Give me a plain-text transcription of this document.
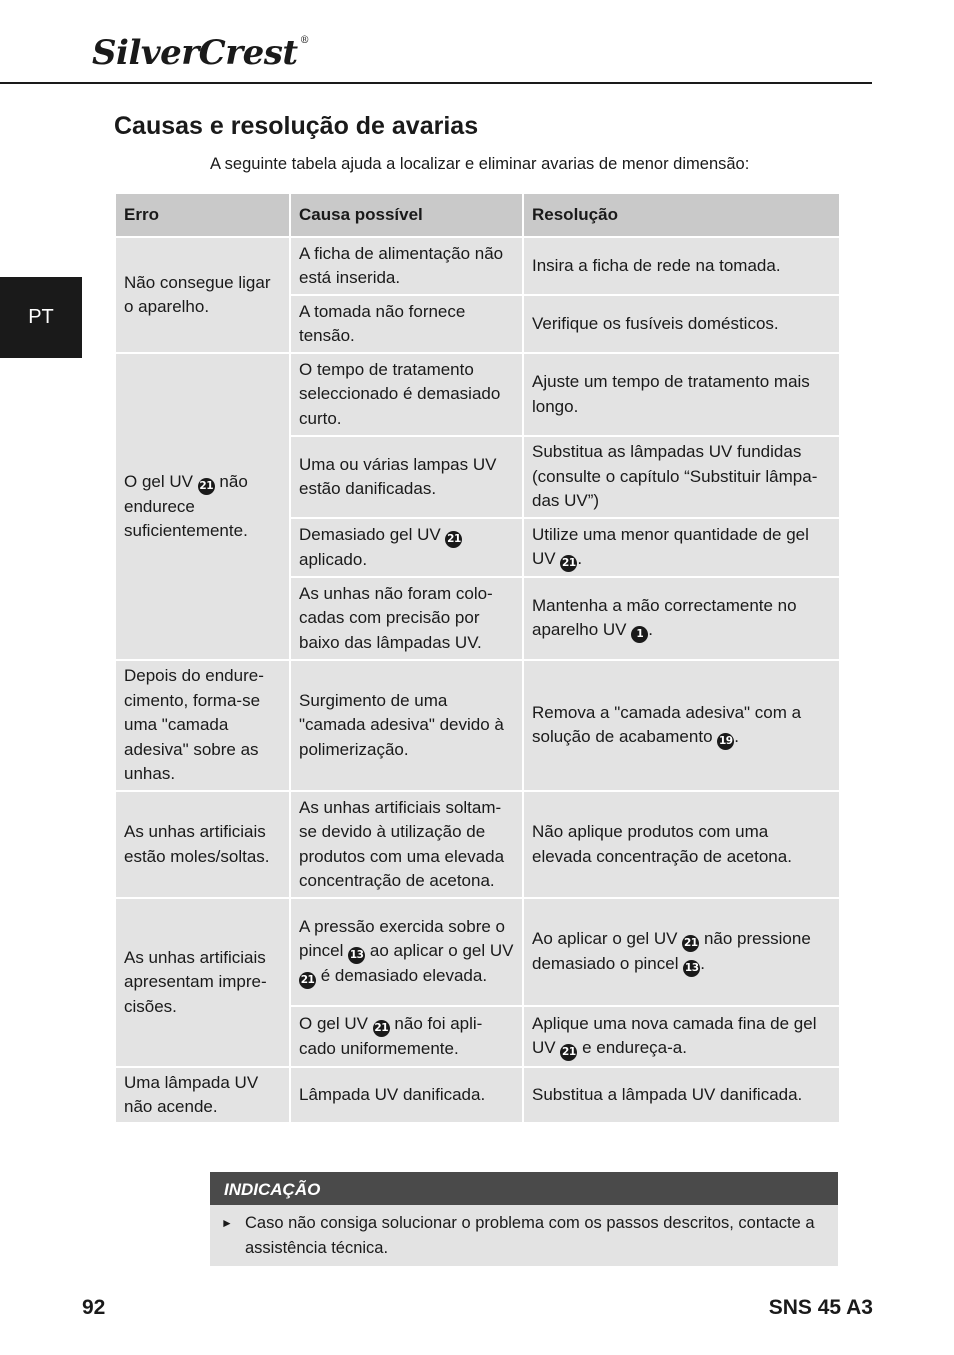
SilverCrest ®
PT
Causas e resolução de avarias
A seguinte tabela ajuda a localizar e eliminar avarias de menor dimensão:
Erro	Causa possível	Resolução
Não consegue ligar o aparelho.	A ficha de alimentação não está inserida.	Insira a ficha de rede na tomada.
	A tomada não fornece tensão.	Verifique os fusíveis domésticos.
O gel UV 21 não endurece suficientemente.	O tempo de tratamento seleccionado é demasiado curto.	Ajuste um tempo de tratamento mais longo.
	Uma ou várias lampas UV estão danificadas.	Substitua as lâmpadas UV fundidas (consulte o capítulo “Substituir lâmpa-das UV”)
	Demasiado gel UV 21 aplicado.	Utilize uma menor quantidade de gel UV 21.
	As unhas não foram colo-cadas com precisão por baixo das lâmpadas UV.	Mantenha a mão correctamente no aparelho UV 1 .
Depois do endure-cimento, forma-se uma "camada adesiva" sobre as unhas.	Surgimento de uma "camada adesiva" devido à polimerização.	Remova a "camada adesiva" com a solução de acabamento 19.
As unhas artificiais estão moles/soltas.	As unhas artificiais soltam-se devido à utilização de produtos com uma elevada concentração de acetona.	Não aplique produtos com uma elevada concentração de acetona.
As unhas artificiais apresentam impre-cisões.	A pressão exercida sobre o pincel 13 ao aplicar o gel UV 21 é demasiado elevada.	Ao aplicar o gel UV 21 não pressione demasiado o pincel 13.
	O gel UV 21 não foi apli-cado uniformemente.	Aplique uma nova camada fina de gel UV 21 e endureça-a.
Uma lâmpada UV não acende.	Lâmpada UV danificada.	Substitua a lâmpada UV danificada.
INDICAÇÃO
► Caso não consiga solucionar o problema com os passos descritos, contacte a assistência técnica.
92	SNS 45 A3
